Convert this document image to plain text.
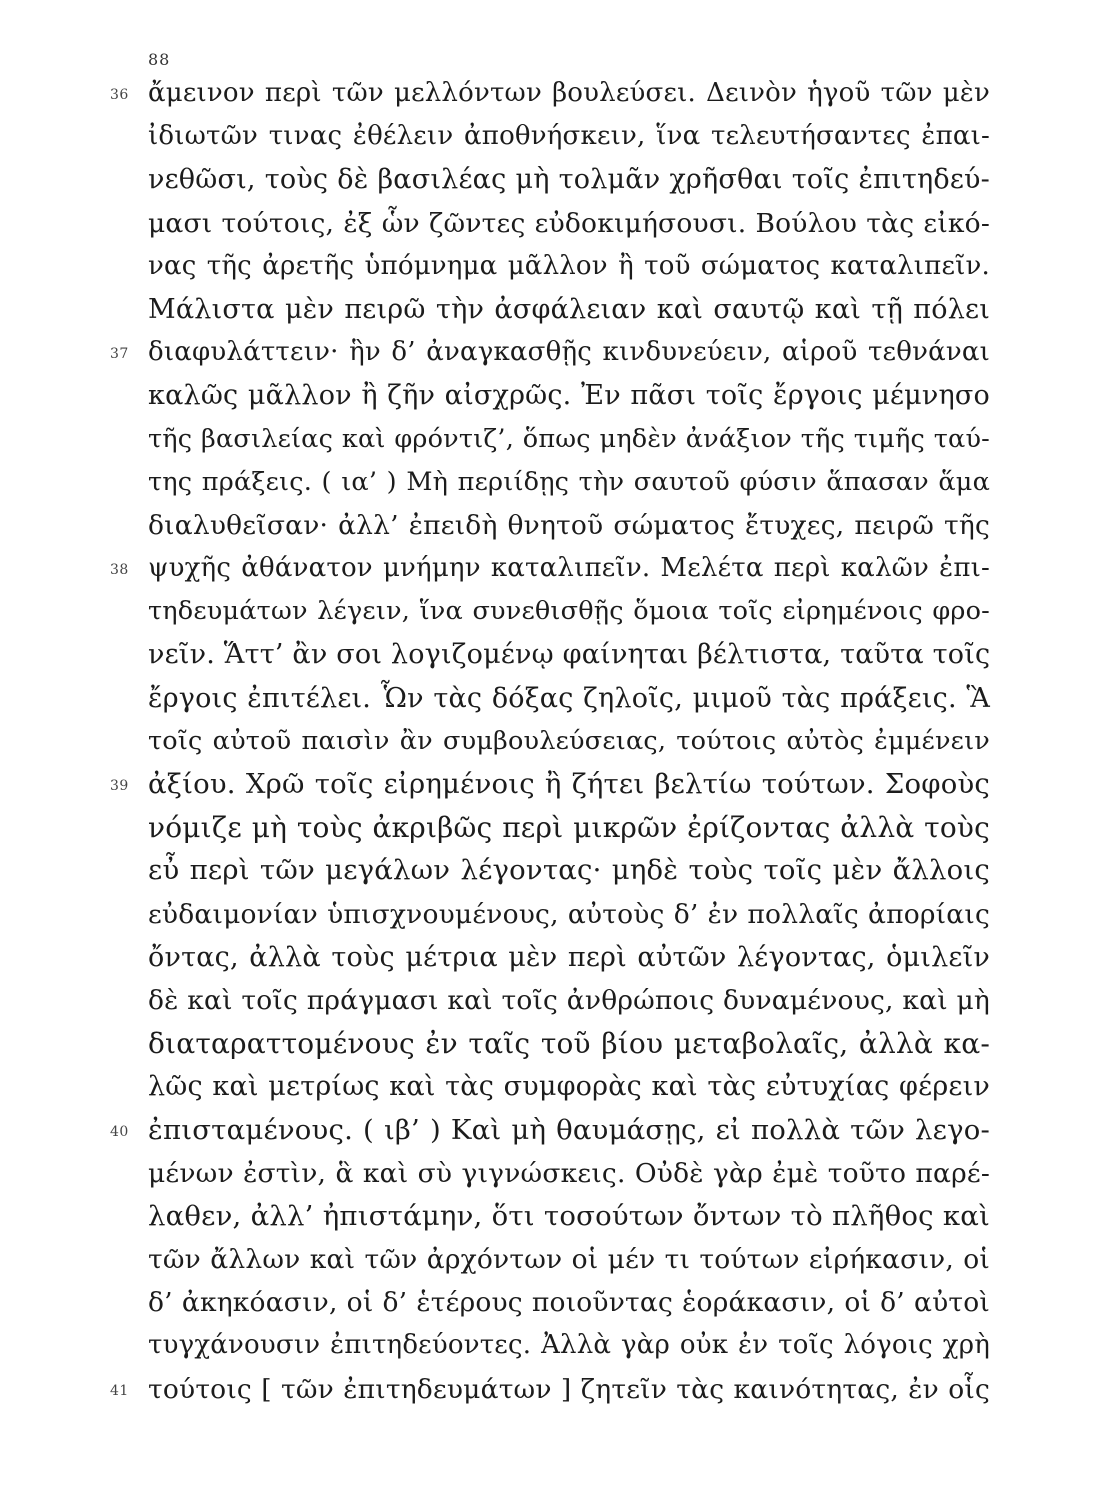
88
36 ἄμεινον περὶ τῶν μελλόντων βουλεύσει. Δεινὸν ἡγοῦ τῶν μὲν
ἰδιωτῶν τινας ἐθέλειν ἀποθνήσκειν, ἵνα τελευτήσαντες ἐπαι-
νεθῶσι, τοὺς δὲ βασιλέας μὴ τολμᾶν χρῆσθαι τοῖς ἐπιτηδεύ-
μασι τούτοις, ἐξ ὧν ζῶντες εὐδοκιμήσουσι. Βούλου τὰς εἰκό-
νας τῆς ἀρετῆς ὑπόμνημα μᾶλλον ἢ τοῦ σώματος καταλιπεῖν.
Μάλιστα μὲν πειρῶ τὴν ἀσφάλειαν καὶ σαυτῷ καὶ τῇ πόλει
37 διαφυλάττειν· ἣν δ’ ἀναγκασθῇς κινδυνεύειν, αἱροῦ τεθνάναι
καλῶς μᾶλλον ἢ ζῆν αἰσχρῶς. Ἐν πᾶσι τοῖς ἔργοις μέμνησο
τῆς βασιλείας καὶ φρόντιζ’, ὅπως μηδὲν ἀνάξιον τῆς τιμῆς ταύ-
της πράξεις. ( ια’ ) Μὴ περιίδῃς τὴν σαυτοῦ φύσιν ἅπασαν ἅμα
διαλυθεῖσαν· ἀλλ’ ἐπειδὴ θνητοῦ σώματος ἔτυχες, πειρῶ τῆς
38 ψυχῆς ἀθάνατον μνήμην καταλιπεῖν. Μελέτα περὶ καλῶν ἐπι-
τηδευμάτων λέγειν, ἵνα συνεθισθῇς ὅμοια τοῖς εἰρημένοις φρο-
νεῖν. Ἅττ’ ἂν σοι λογιζομένῳ φαίνηται βέλτιστα, ταῦτα τοῖς
ἔργοις ἐπιτέλει. Ὧν τὰς δόξας ζηλοῖς, μιμοῦ τὰς πράξεις. Ἃ
τοῖς αὐτοῦ παισὶν ἂν συμβουλεύσειας, τούτοις αὐτὸς ἐμμένειν
39 ἀξίου. Χρῶ τοῖς εἰρημένοις ἢ ζήτει βελτίω τούτων. Σοφοὺς
νόμιζε μὴ τοὺς ἀκριβῶς περὶ μικρῶν ἐρίζοντας ἀλλὰ τοὺς
εὖ περὶ τῶν μεγάλων λέγοντας· μηδὲ τοὺς τοῖς μὲν ἄλλοις
εὐδαιμονίαν ὑπισχνουμένους, αὐτοὺς δ’ ἐν πολλαῖς ἀπορίαις
ὄντας, ἀλλὰ τοὺς μέτρια μὲν περὶ αὐτῶν λέγοντας, ὁμιλεῖν
δὲ καὶ τοῖς πράγμασι καὶ τοῖς ἀνθρώποις δυναμένους, καὶ μὴ
διαταραττομένους ἐν ταῖς τοῦ βίου μεταβολαῖς, ἀλλὰ κα-
λῶς καὶ μετρίως καὶ τὰς συμφορὰς καὶ τὰς εὐτυχίας φέρειν
40 ἐπισταμένους. ( ιβ’ ) Καὶ μὴ θαυμάσῃς, εἰ πολλὰ τῶν λεγο-
μένων ἐστὶν, ἃ καὶ σὺ γιγνώσκεις. Οὐδὲ γὰρ ἐμὲ τοῦτο παρέ-
λαθεν, ἀλλ’ ἠπιστάμην, ὅτι τοσούτων ὄντων τὸ πλῆθος καὶ
τῶν ἄλλων καὶ τῶν ἀρχόντων οἱ μέν τι τούτων εἰρήκασιν, οἱ
δ’ ἀκηκόασιν, οἱ δ’ ἑτέρους ποιοῦντας ἑοράκασιν, οἱ δ’ αὐτοὶ
τυγχάνουσιν ἐπιτηδεύοντες. Ἀλλὰ γὰρ οὐκ ἐν τοῖς λόγοις χρὴ
41 τούτοις [ τῶν ἐπιτηδευμάτων ] ζητεῖν τὰς καινότητας, ἐν οἷς
